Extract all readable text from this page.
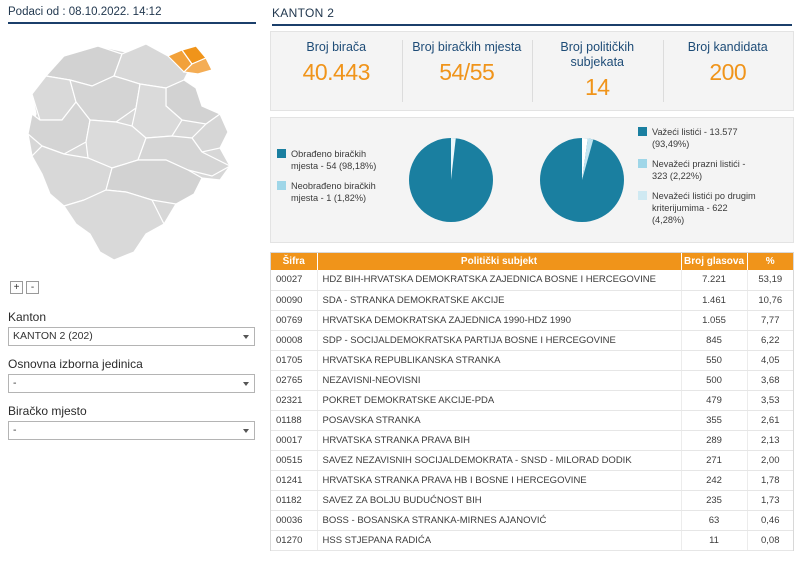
Podaci od : 08.10.2022. 14:12
+	-
Kanton
KANTON 2 (202)
Osnovna izborna jedinica
-
Biračko mjesto
-
KANTON 2
Broj birača
40.443
Broj biračkih mjesta
54/55
Broj političkih subjekata
14
Broj kandidata
200
Obrađeno biračkih mjesta - 54 (98,18%)
Neobrađeno biračkih mjesta - 1 (1,82%)
Važeći listići - 13.577 (93,49%)
Nevažeći prazni listići - 323 (2,22%)
Nevažeći listići po drugim kriterijumima - 622 (4,28%)
Šifra	Politički subjekt	Broj glasova	%
00027	HDZ BIH-HRVATSKA DEMOKRATSKA ZAJEDNICA BOSNE I HERCEGOVINE	7.221	53,19
00090	SDA - STRANKA DEMOKRATSKE AKCIJE	1.461	10,76
00769	HRVATSKA DEMOKRATSKA ZAJEDNICA 1990-HDZ 1990	1.055	7,77
00008	SDP - SOCIJALDEMOKRATSKA PARTIJA BOSNE I HERCEGOVINE	845	6,22
01705	HRVATSKA REPUBLIKANSKA STRANKA	550	4,05
02765	NEZAVISNI-NEOVISNI	500	3,68
02321	POKRET DEMOKRATSKE AKCIJE-PDA	479	3,53
01188	POSAVSKA STRANKA	355	2,61
00017	HRVATSKA STRANKA PRAVA BIH	289	2,13
00515	SAVEZ NEZAVISNIH SOCIJALDEMOKRATA - SNSD - MILORAD DODIK	271	2,00
01241	HRVATSKA STRANKA PRAVA HB I BOSNE I HERCEGOVINE	242	1,78
01182	SAVEZ ZA BOLJU BUDUĆNOST BIH	235	1,73
00036	BOSS - BOSANSKA STRANKA-MIRNES AJANOVIĆ	63	0,46
01270	HSS STJEPANA RADIĆA	11	0,08
